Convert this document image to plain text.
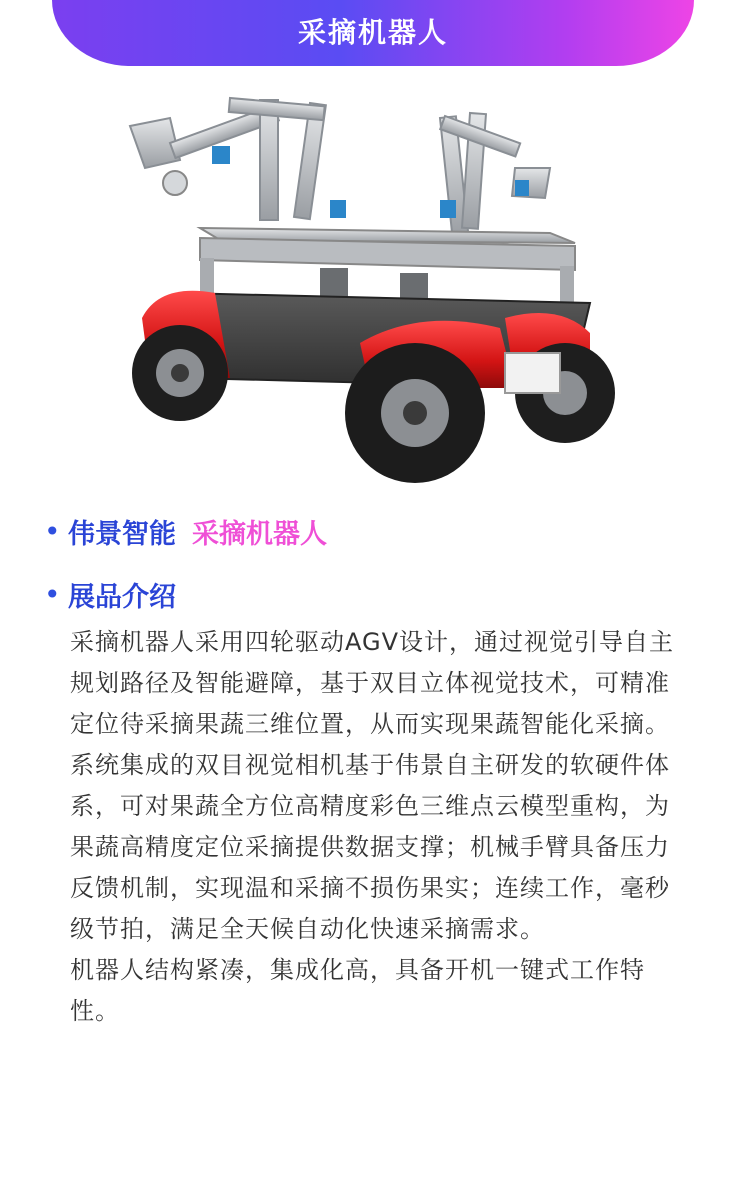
采摘机器人
• 伟景智能 采摘机器人
• 展品介绍

采摘机器人采用四轮驱动AGV设计，通过视觉引导自主规划路径及智能避障，基于双目立体视觉技术，可精准定位待采摘果蔬三维位置，从而实现果蔬智能化采摘。

系统集成的双目视觉相机基于伟景自主研发的软硬件体系，可对果蔬全方位高精度彩色三维点云模型重构，为果蔬高精度定位采摘提供数据支撑；机械手臂具备压力反馈机制，实现温和采摘不损伤果实；连续工作，毫秒级节拍，满足全天候自动化快速采摘需求。

机器人结构紧凑，集成化高，具备开机一键式工作特性。
